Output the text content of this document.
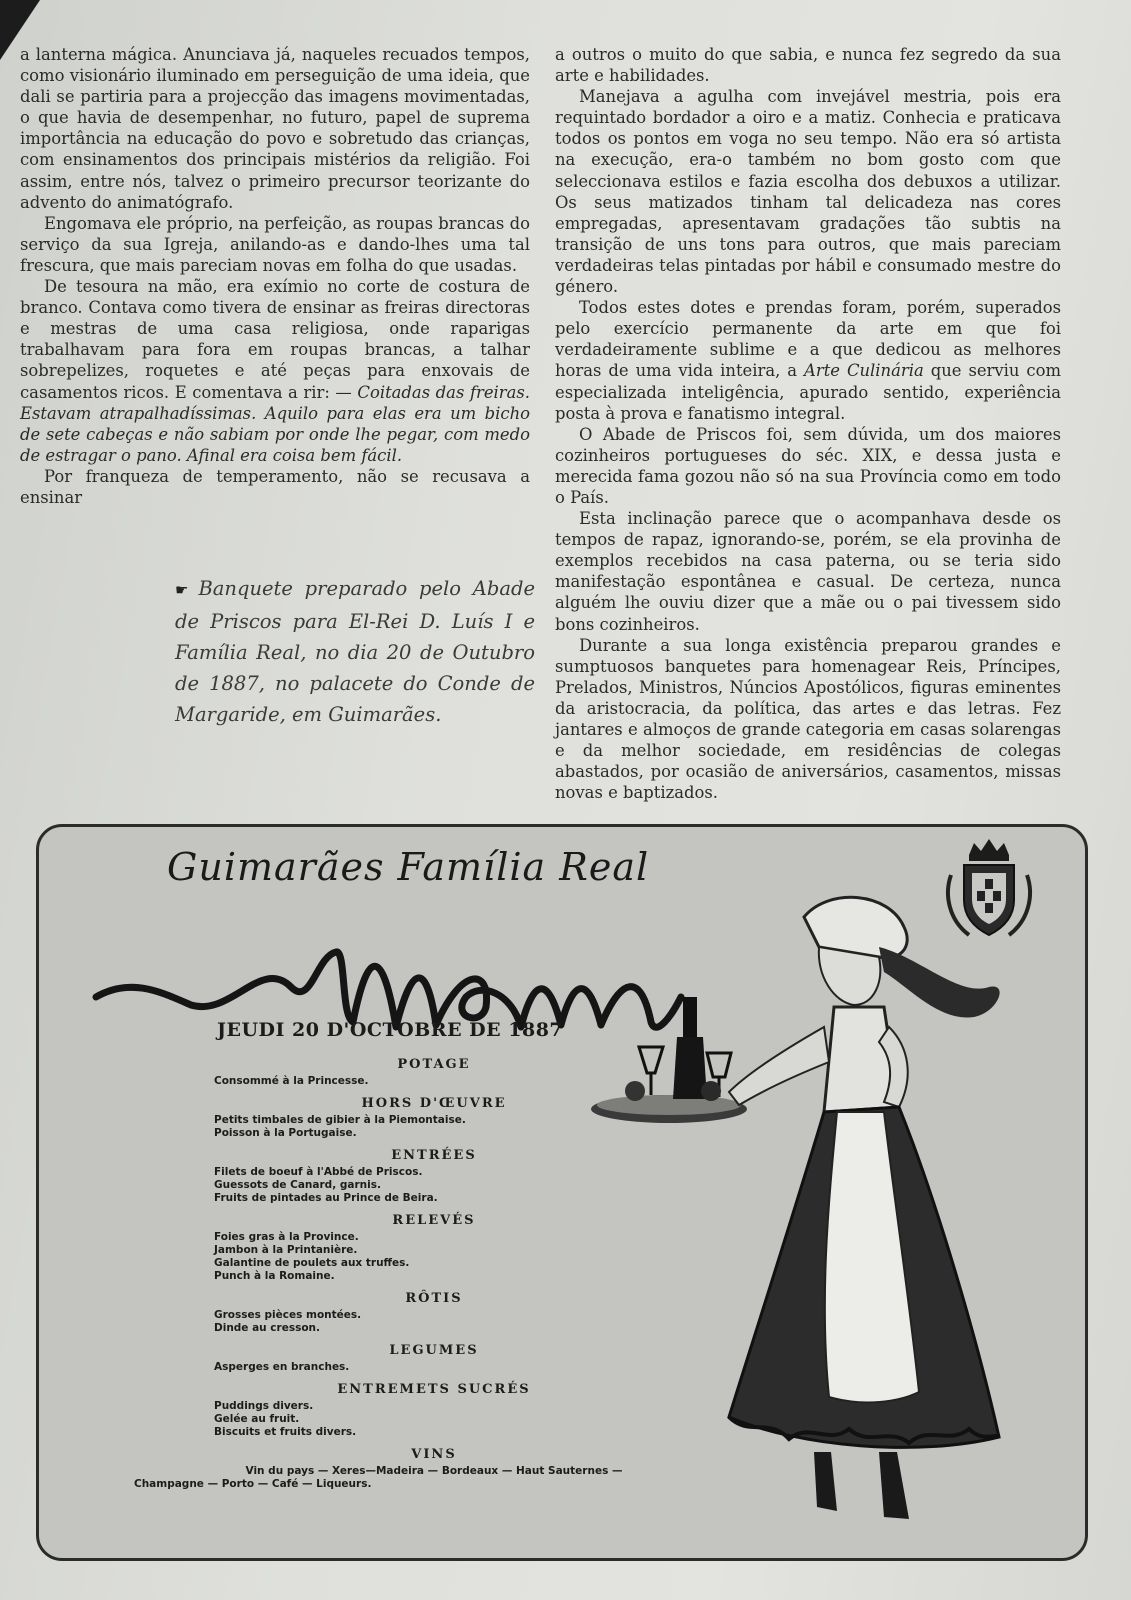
a lanterna mágica. Anunciava já, naqueles recuados tempos, como visionário iluminado em perseguição de uma ideia, que dali se partiria para a projecção das imagens movimentadas, o que havia de desempenhar, no futuro, papel de suprema importância na educação do povo e sobretudo das crianças, com ensinamentos dos principais mistérios da religião. Foi assim, entre nós, talvez o primeiro precursor teorizante do advento do animatógrafo.

Engomava ele próprio, na perfeição, as roupas brancas do serviço da sua Igreja, anilando-as e dando-lhes uma tal frescura, que mais pareciam novas em folha do que usadas.

De tesoura na mão, era exímio no corte de costura de branco. Contava como tivera de ensinar as freiras directoras e mestras de uma casa religiosa, onde raparigas trabalhavam para fora em roupas brancas, a talhar sobrepelizes, roquetes e até peças para enxovais de casamentos ricos. E comentava a rir: — Coitadas das freiras. Estavam atrapalhadíssimas. Aquilo para elas era um bicho de sete cabeças e não sabiam por onde lhe pegar, com medo de estragar o pano. Afinal era coisa bem fácil.

Por franqueza de temperamento, não se recusava a ensinar

a outros o muito do que sabia, e nunca fez segredo da sua arte e habilidades.

Manejava a agulha com invejável mestria, pois era requintado bordador a oiro e a matiz. Conhecia e praticava todos os pontos em voga no seu tempo. Não era só artista na execução, era-o também no bom gosto com que seleccionava estilos e fazia escolha dos debuxos a utilizar. Os seus matizados tinham tal delicadeza nas cores empregadas, apresentavam gradações tão subtis na transição de uns tons para outros, que mais pareciam verdadeiras telas pintadas por hábil e consumado mestre do género.

Todos estes dotes e prendas foram, porém, superados pelo exercício permanente da arte em que foi verdadeiramente sublime e a que dedicou as melhores horas de uma vida inteira, a Arte Culinária que serviu com especializada inteligência, apurado sentido, experiência posta à prova e fanatismo integral.

O Abade de Priscos foi, sem dúvida, um dos maiores cozinheiros portugueses do séc. XIX, e dessa justa e merecida fama gozou não só na sua Província como em todo o País.

Esta inclinação parece que o acompanhava desde os tempos de rapaz, ignorando-se, porém, se ela provinha de exemplos recebidos na casa paterna, ou se teria sido manifestação espontânea e casual. De certeza, nunca alguém lhe ouviu dizer que a mãe ou o pai tivessem sido bons cozinheiros.

Durante a sua longa existência preparou grandes e sumptuosos banquetes para homenagear Reis, Príncipes, Prelados, Ministros, Núncios Apostólicos, figuras eminentes da aristocracia, da política, das artes e das letras. Fez jantares e almoços de grande categoria em casas solarengas e da melhor sociedade, em residências de colegas abastados, por ocasião de aniversários, casamentos, missas novas e baptizados.

☛ Banquete preparado pelo Abade de Priscos para El-Rei D. Luís I e Família Real, no dia 20 de Outubro de 1887, no palacete do Conde de Margaride, em Guimarães.
Guimarães Família Real
Menu
JEUDI 20 D'OCTOBRE DE 1887
POTAGE
Consommé à la Princesse.
HORS D'ŒUVRE
Petits timbales de gibier à la Piemontaise.
Poisson à la Portugaise.
ENTRÉES
Filets de boeuf à l'Abbé de Priscos.
Guessots de Canard, garnis.
Fruits de pintades au Prince de Beira.
RELEVÉS
Foies gras à la Province.
Jambon à la Printanière.
Galantine de poulets aux truffes.
Punch à la Romaine.
RÔTIS
Grosses pièces montées.
Dinde au cresson.
LEGUMES
Asperges en branches.
ENTREMETS SUCRÉS
Puddings divers.
Gelée au fruit.
Biscuits et fruits divers.
VINS
Vin du pays — Xeres—Madeira — Bordeaux — Haut Sauternes —
Champagne — Porto — Café — Liqueurs.
